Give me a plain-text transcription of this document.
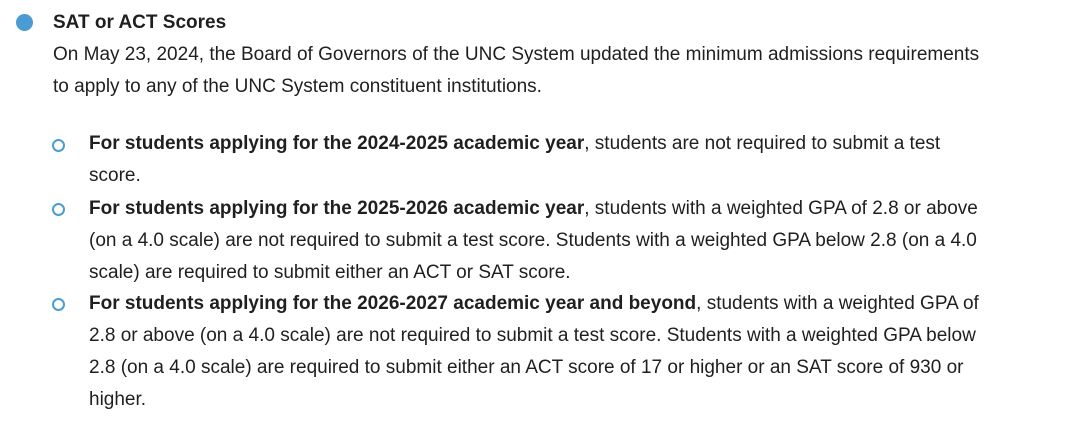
SAT or ACT Scores
On May 23, 2024, the Board of Governors of the UNC System updated the minimum admissions requirements
to apply to any of the UNC System constituent institutions.
For students applying for the 2024-2025 academic year, students are not required to submit a test
score.
For students applying for the 2025-2026 academic year, students with a weighted GPA of 2.8 or above
(on a 4.0 scale) are not required to submit a test score. Students with a weighted GPA below 2.8 (on a 4.0
scale) are required to submit either an ACT or SAT score.
For students applying for the 2026-2027 academic year and beyond, students with a weighted GPA of
2.8 or above (on a 4.0 scale) are not required to submit a test score. Students with a weighted GPA below
2.8 (on a 4.0 scale) are required to submit either an ACT score of 17 or higher or an SAT score of 930 or
higher.
